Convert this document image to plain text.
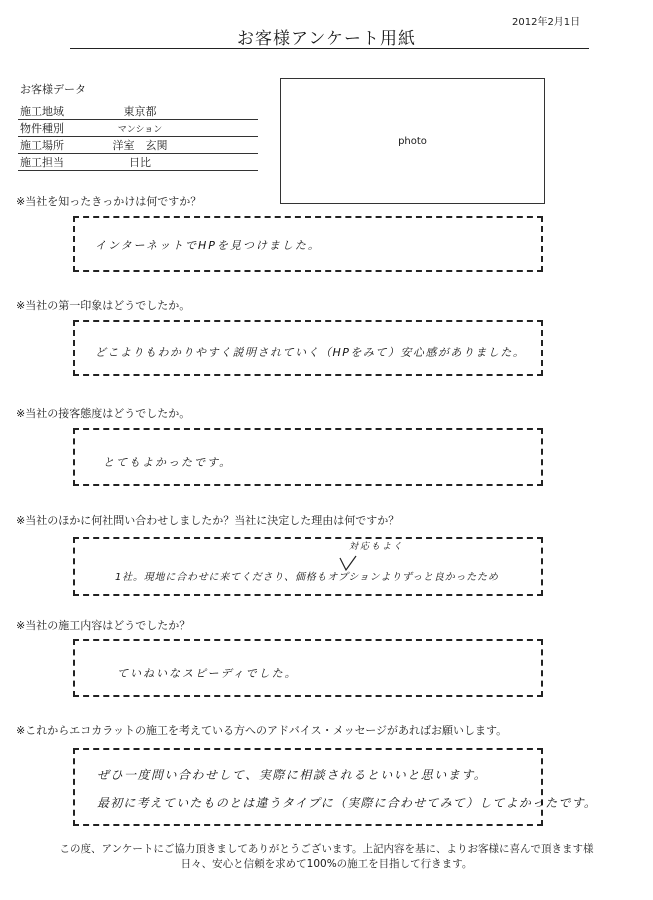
2012年2月1日
お客様アンケート用紙
お客様データ
施工地域	東京都
物件種別	マンション
施工場所	洋室　玄関
施工担当	日比
photo
※当社を知ったきっかけは何ですか？
インターネットでHPを見つけました。
※当社の第一印象はどうでしたか。
どこよりもわかりやすく説明されていく（HPをみて）安心感がありました。
※当社の接客態度はどうでしたか。
とてもよかったです。
※当社のほかに何社問い合わせしましたか？当社に決定した理由は何ですか？
1社。現地に合わせに来てくださり、価格もオプションよりずっと良かったため
対応もよく
※当社の施工内容はどうでしたか？
ていねいなスピーディでした。
※これからエコカラットの施工を考えている方へのアドバイス・メッセージがあればお願いします。
ぜひ一度問い合わせして、実際に相談されるといいと思います。
最初に考えていたものとは違うタイプに（実際に合わせてみて）してよかったです。
この度、アンケートにご協力頂きましてありがとうございます。上記内容を基に、よりお客様に喜んで頂きます様
日々、安心と信頼を求めて100%の施工を目指して行きます。
